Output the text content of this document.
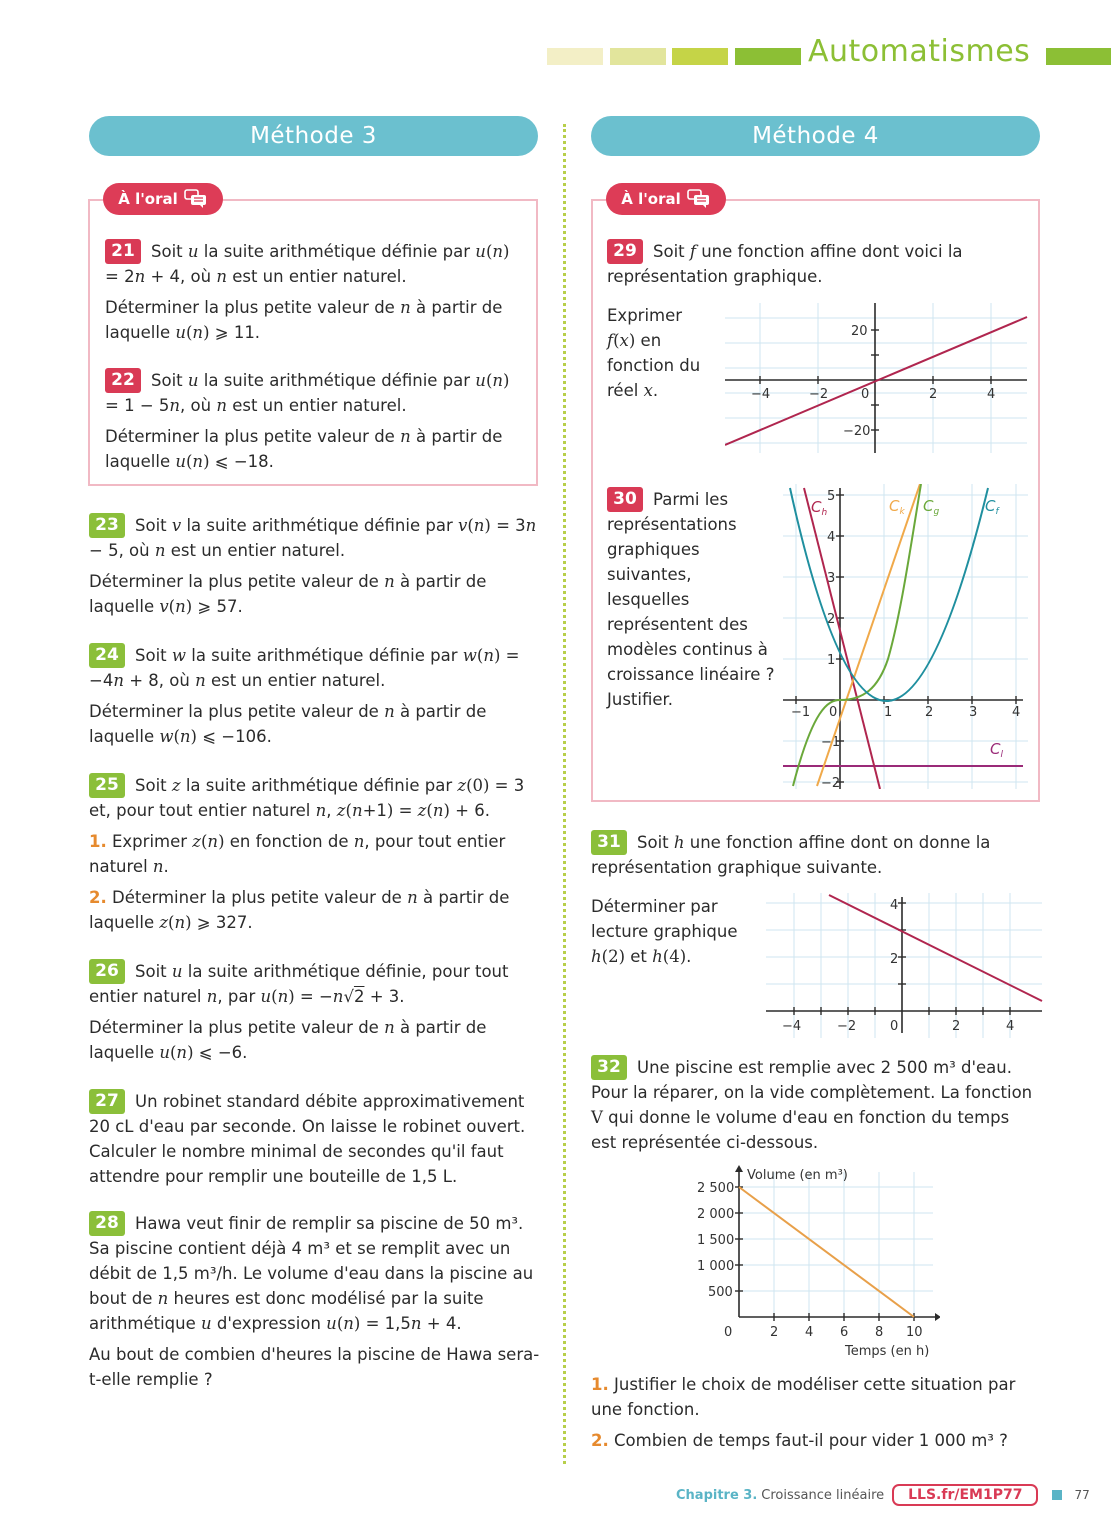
Automatismes
Méthode 3	Méthode 4
À l'oral

21 Soit u la suite arithmétique définie par u(n) = 2n + 4, où n est un entier naturel.

Déterminer la plus petite valeur de n à partir de laquelle u(n) ⩾ 11.

22 Soit u la suite arithmétique définie par u(n) = 1 − 5n, où n est un entier naturel.

Déterminer la plus petite valeur de n à partir de laquelle u(n) ⩽ −18.

23 Soit v la suite arithmétique définie par v(n) = 3n − 5, où n est un entier naturel.

Déterminer la plus petite valeur de n à partir de laquelle v(n) ⩾ 57.

24 Soit w la suite arithmétique définie par w(n) = −4n + 8, où n est un entier naturel.

Déterminer la plus petite valeur de n à partir de laquelle w(n) ⩽ −106.

25 Soit z la suite arithmétique définie par z(0) = 3 et, pour tout entier naturel n, z(n+1) = z(n) + 6.

1. Exprimer z(n) en fonction de n, pour tout entier naturel n.

2. Déterminer la plus petite valeur de n à partir de laquelle z(n) ⩾ 327.

26 Soit u la suite arithmétique définie, pour tout entier naturel n, par u(n) = −n√2 + 3.

Déterminer la plus petite valeur de n à partir de laquelle u(n) ⩽ −6.

27 Un robinet standard débite approximativement 20 cL d'eau par seconde. On laisse le robinet ouvert. Calculer le nombre minimal de secondes qu'il faut attendre pour remplir une bouteille de 1,5 L.

28 Hawa veut finir de remplir sa piscine de 50 m³. Sa piscine contient déjà 4 m³ et se remplit avec un débit de 1,5 m³/h. Le volume d'eau dans la piscine au bout de n heures est donc modélisé par la suite arithmétique u d'expression u(n) = 1,5n + 4.

Au bout de combien d'heures la piscine de Hawa sera-t-elle remplie ?

À l'oral

29 Soit f une fonction affine dont voici la représentation graphique.

Exprimer
f(x) en
fonction du
réel x.	−4	−2	0	2	4
20
−20
30 Parmi les représentations graphiques suivantes, lesquelles représentent des modèles continus à croissance linéaire ? Justifier.
−1 0	1	2	3	4
5
4
3
2
1
−1
−2
$C_h$	$C_k$ $C_g$	$C_f$
$C_l$

31 Soit h une fonction affine dont on donne la représentation graphique suivante.

Déterminer par lecture graphique h(2) et h(4).
−4	−2	0	2	4
4
2

32 Une piscine est remplie avec 2 500 m³ d'eau. Pour la réparer, on la vide complètement. La fonction V qui donne le volume d'eau en fonction du temps est représentée ci-dessous.

2 500
2 000
1 500
1 000
500
0	2 4 6 8 10
Volume (en m³)
Temps (en h)

1. Justifier le choix de modéliser cette situation par une fonction.

2. Combien de temps faut-il pour vider 1 000 m³ ?

Chapitre 3. Croissance linéaire	LLS.fr/EM1P77	77
